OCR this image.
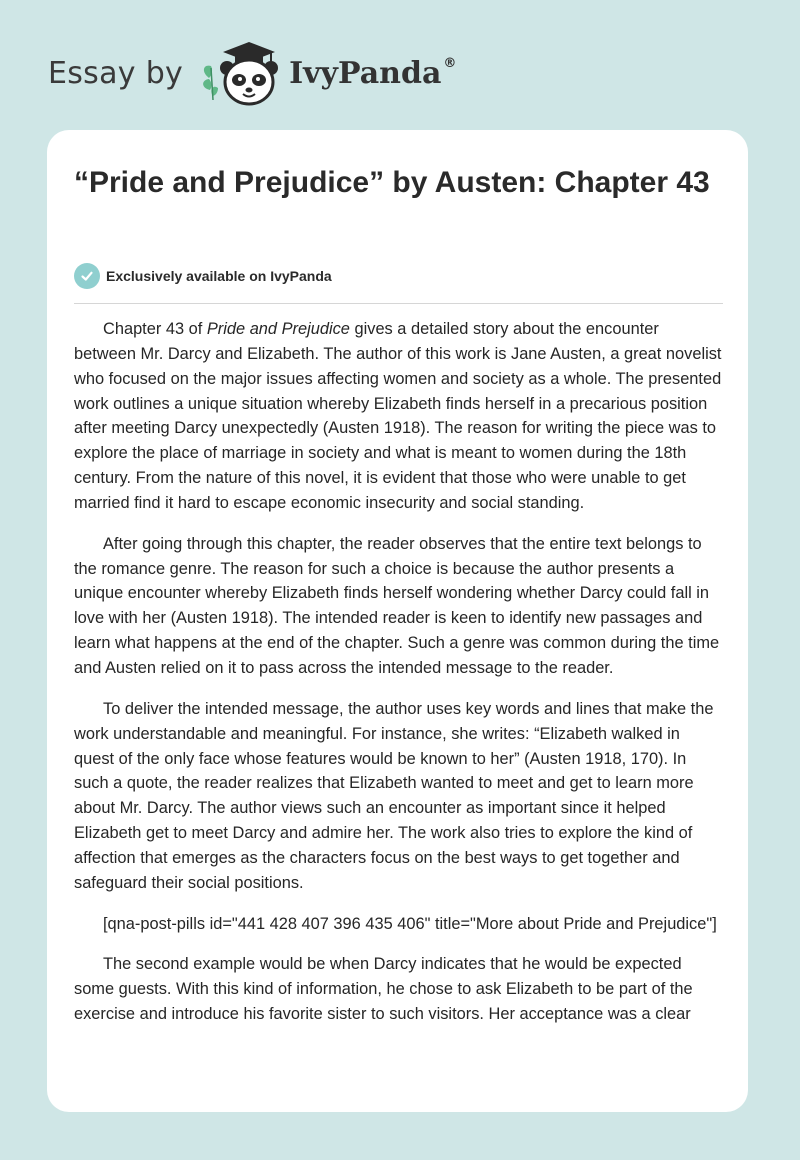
Essay by	IvyPanda ®
“Pride and Prejudice” by Austen: Chapter 43
Exclusively available on IvyPanda

Chapter 43 of Pride and Prejudice gives a detailed story about the encounter between Mr. Darcy and Elizabeth. The author of this work is Jane Austen, a great novelist who focused on the major issues affecting women and society as a whole. The presented work outlines a unique situation whereby Elizabeth finds herself in a precarious position after meeting Darcy unexpectedly (Austen 1918). The reason for writing the piece was to explore the place of marriage in society and what is meant to women during the 18th century. From the nature of this novel, it is evident that those who were unable to get married find it hard to escape economic insecurity and social standing.

After going through this chapter, the reader observes that the entire text belongs to the romance genre. The reason for such a choice is because the author presents a unique encounter whereby Elizabeth finds herself wondering whether Darcy could fall in love with her (Austen 1918). The intended reader is keen to identify new passages and learn what happens at the end of the chapter. Such a genre was common during the time and Austen relied on it to pass across the intended message to the reader.

To deliver the intended message, the author uses key words and lines that make the work understandable and meaningful. For instance, she writes: “Elizabeth walked in quest of the only face whose features would be known to her” (Austen 1918, 170). In such a quote, the reader realizes that Elizabeth wanted to meet and get to learn more about Mr. Darcy. The author views such an encounter as important since it helped Elizabeth get to meet Darcy and admire her. The work also tries to explore the kind of affection that emerges as the characters focus on the best ways to get together and safeguard their social positions.

[qna-post-pills id="441 428 407 396 435 406" title="More about Pride and Prejudice"]

The second example would be when Darcy indicates that he would be expected some guests. With this kind of information, he chose to ask Elizabeth to be part of the exercise and introduce his favorite sister to such visitors. Her acceptance was a clear
